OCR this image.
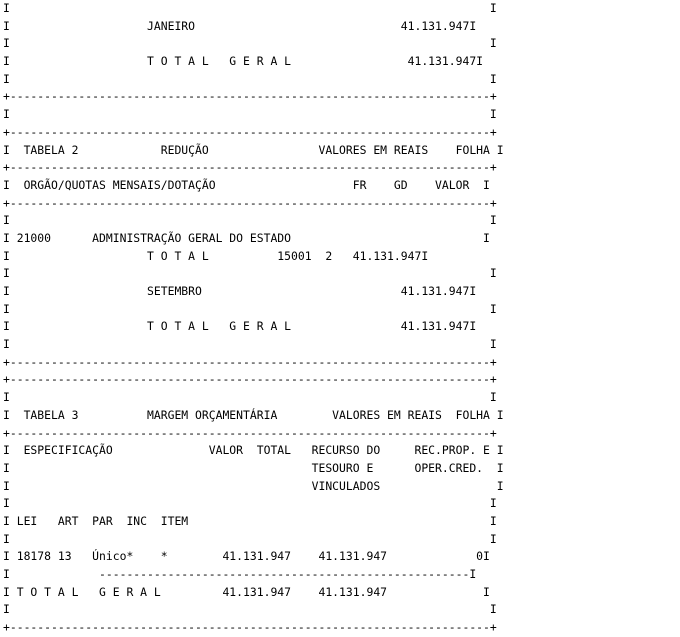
I                                                                      I
I                    JANEIRO                              41.131.947I
I                                                                      I
I                    T O T A L   G E R A L                 41.131.947I
I                                                                      I
+----------------------------------------------------------------------+
I                                                                      I
+----------------------------------------------------------------------+
I  TABELA 2            REDUÇÃO                VALORES EM REAIS    FOLHA I
+----------------------------------------------------------------------+
I  ORGÃO/QUOTAS MENSAIS/DOTAÇÃO                    FR    GD    VALOR  I
+----------------------------------------------------------------------+
I                                                                      I
I 21000      ADMINISTRAÇÃO GERAL DO ESTADO                            I
I                    T O T A L          15001  2   41.131.947I
I                                                                      I
I                    SETEMBRO                             41.131.947I
I                                                                      I
I                    T O T A L   G E R A L                41.131.947I
I                                                                      I
+----------------------------------------------------------------------+
+----------------------------------------------------------------------+
I                                                                      I
I  TABELA 3          MARGEM ORÇAMENTÁRIA        VALORES EM REAIS  FOLHA I
+----------------------------------------------------------------------+
I  ESPECIFICAÇÃO              VALOR  TOTAL   RECURSO DO     REC.PROP. E I
I                                            TESOURO E      OPER.CRED.  I
I                                            VINCULADOS                 I
I                                                                      I
I LEI   ART  PAR  INC  ITEM                                            I
I                                                                      I
I 18178 13   Único*    *        41.131.947    41.131.947             0I
I             ------------------------------------------------------I
I T O T A L   G E R A L         41.131.947    41.131.947              I
I                                                                      I
+----------------------------------------------------------------------+
